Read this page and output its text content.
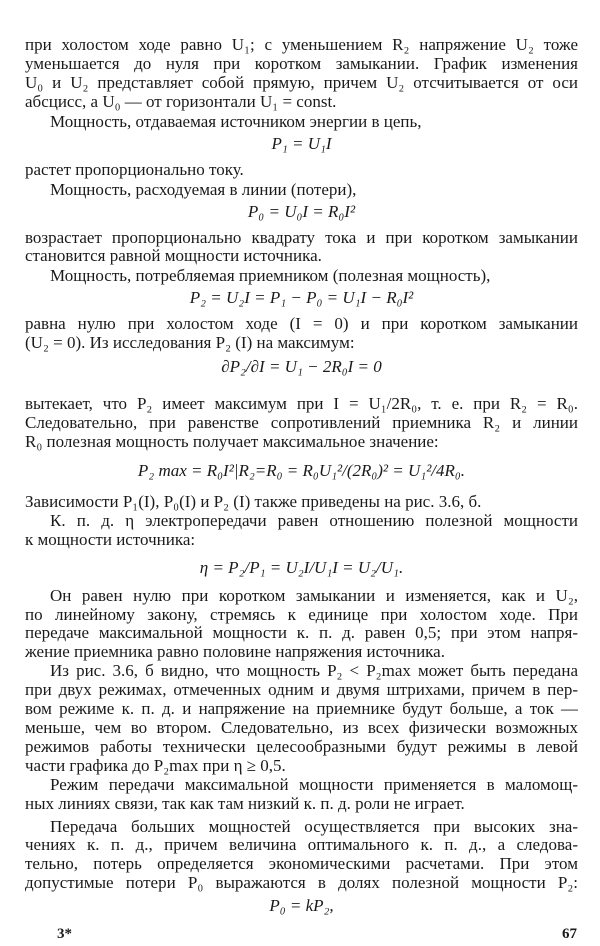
при холостом ходе равно U₁; с уменьшением R₂ напряжение U₂ тоже
уменьшается до нуля при коротком замыкании. График изменения
U₀ и U₂ представляет собой прямую, причем U₂ отсчитывается от оси
абсцисс, а U₀ — от горизонтали U₁ = const.
Мощность, отдаваемая источником энергии в цепь,
P₁ = U₁I
растет пропорционально току.
Мощность, расходуемая в линии (потери),
P₀ = U₀I = R₀I²
возрастает пропорционально квадрату тока и при коротком замыкании
становится равной мощности источника.
Мощность, потребляемая приемником (полезная мощность),
P₂ = U₂I = P₁ − P₀ = U₁I − R₀I²
равна нулю при холостом ходе (I = 0) и при коротком замыкании
(U₂ = 0). Из исследования P₂ (I) на максимум:
∂P₂/∂I = U₁ − 2R₀I = 0
вытекает, что P₂ имеет максимум при I = U₁/2R₀, т. е. при R₂ = R₀.
Следовательно, при равенстве сопротивлений приемника R₂ и линии
R₀ полезная мощность получает максимальное значение:
P₂ max = R₀I²|R₂=R₀ = R₀U₁²/(2R₀)² = U₁²/4R₀.
Зависимости P₁(I), P₀(I) и P₂ (I) также приведены на рис. 3.6, б.
К. п. д. η электропередачи равен отношению полезной мощности
к мощности источника:
η = P₂/P₁ = U₂I/U₁I = U₂/U₁.
Он равен нулю при коротком замыкании и изменяется, как и U₂,
по линейному закону, стремясь к единице при холостом ходе. При
передаче максимальной мощности к. п. д. равен 0,5; при этом напря-
жение приемника равно половине напряжения источника.
Из рис. 3.6, б видно, что мощность P₂ < P₂max может быть передана
при двух режимах, отмеченных одним и двумя штрихами, причем в пер-
вом режиме к. п. д. и напряжение на приемнике будут больше, а ток —
меньше, чем во втором. Следовательно, из всех физически возможных
режимов работы технически целесообразными будут режимы в левой
части графика до P₂max при η ≥ 0,5.
Режим передачи максимальной мощности применяется в маломощ-
ных линиях связи, так как там низкий к. п. д. роли не играет.
Передача больших мощностей осуществляется при высоких зна-
чениях к. п. д., причем величина оптимального к. п. д., а следова-
тельно, потерь определяется экономическими расчетами. При этом
допустимые потери P₀ выражаются в долях полезной мощности P₂:
P₀ = kP₂,
3*	67
